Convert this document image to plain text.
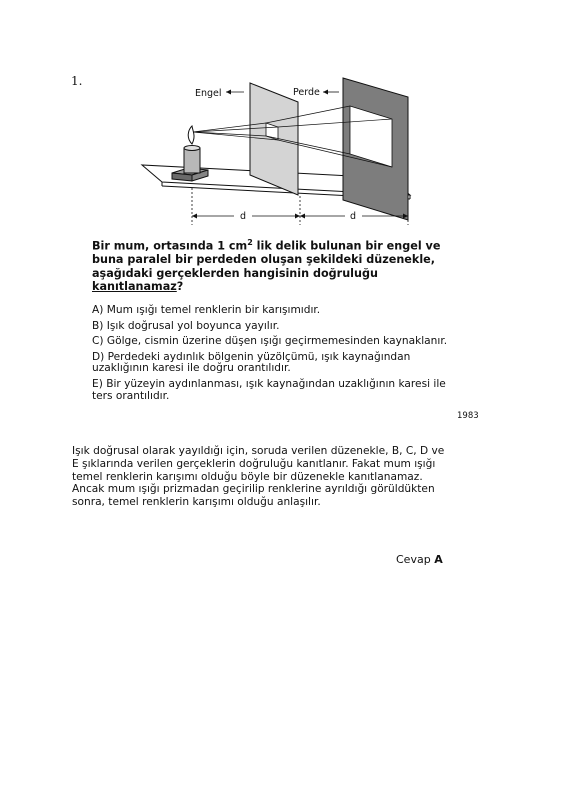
1.
Engel	Perde
d	d
Bir mum, ortasında 1 $cm^2$ lik delik bulunan bir engel ve buna paralel bir perdeden oluşan şekildeki düzenekle, aşağıdaki gerçeklerden hangisinin doğruluğu kanıtlanamaz?
A) Mum ışığı temel renklerin bir karışımıdır.
B) Işık doğrusal yol boyunca yayılır.
C) Gölge, cismin üzerine düşen ışığı geçirmemesinden kaynaklanır.
D) Perdedeki aydınlık bölgenin yüzölçümü, ışık kaynağından uzaklığının karesi ile doğru orantılıdır.
E) Bir yüzeyin aydınlanması, ışık kaynağından uzaklığının karesi ile ters orantılıdır.
1983
Işık doğrusal olarak yayıldığı için, soruda verilen düzenekle, B, C, D ve E şıklarında verilen gerçeklerin doğruluğu kanıtlanır. Fakat mum ışığı temel renklerin karışımı olduğu böyle bir düzenekle kanıtlanamaz. Ancak mum ışığı prizmadan geçirilip renklerine ayrıldığı görüldükten sonra, temel renklerin karışımı olduğu anlaşılır.
Cevap A
